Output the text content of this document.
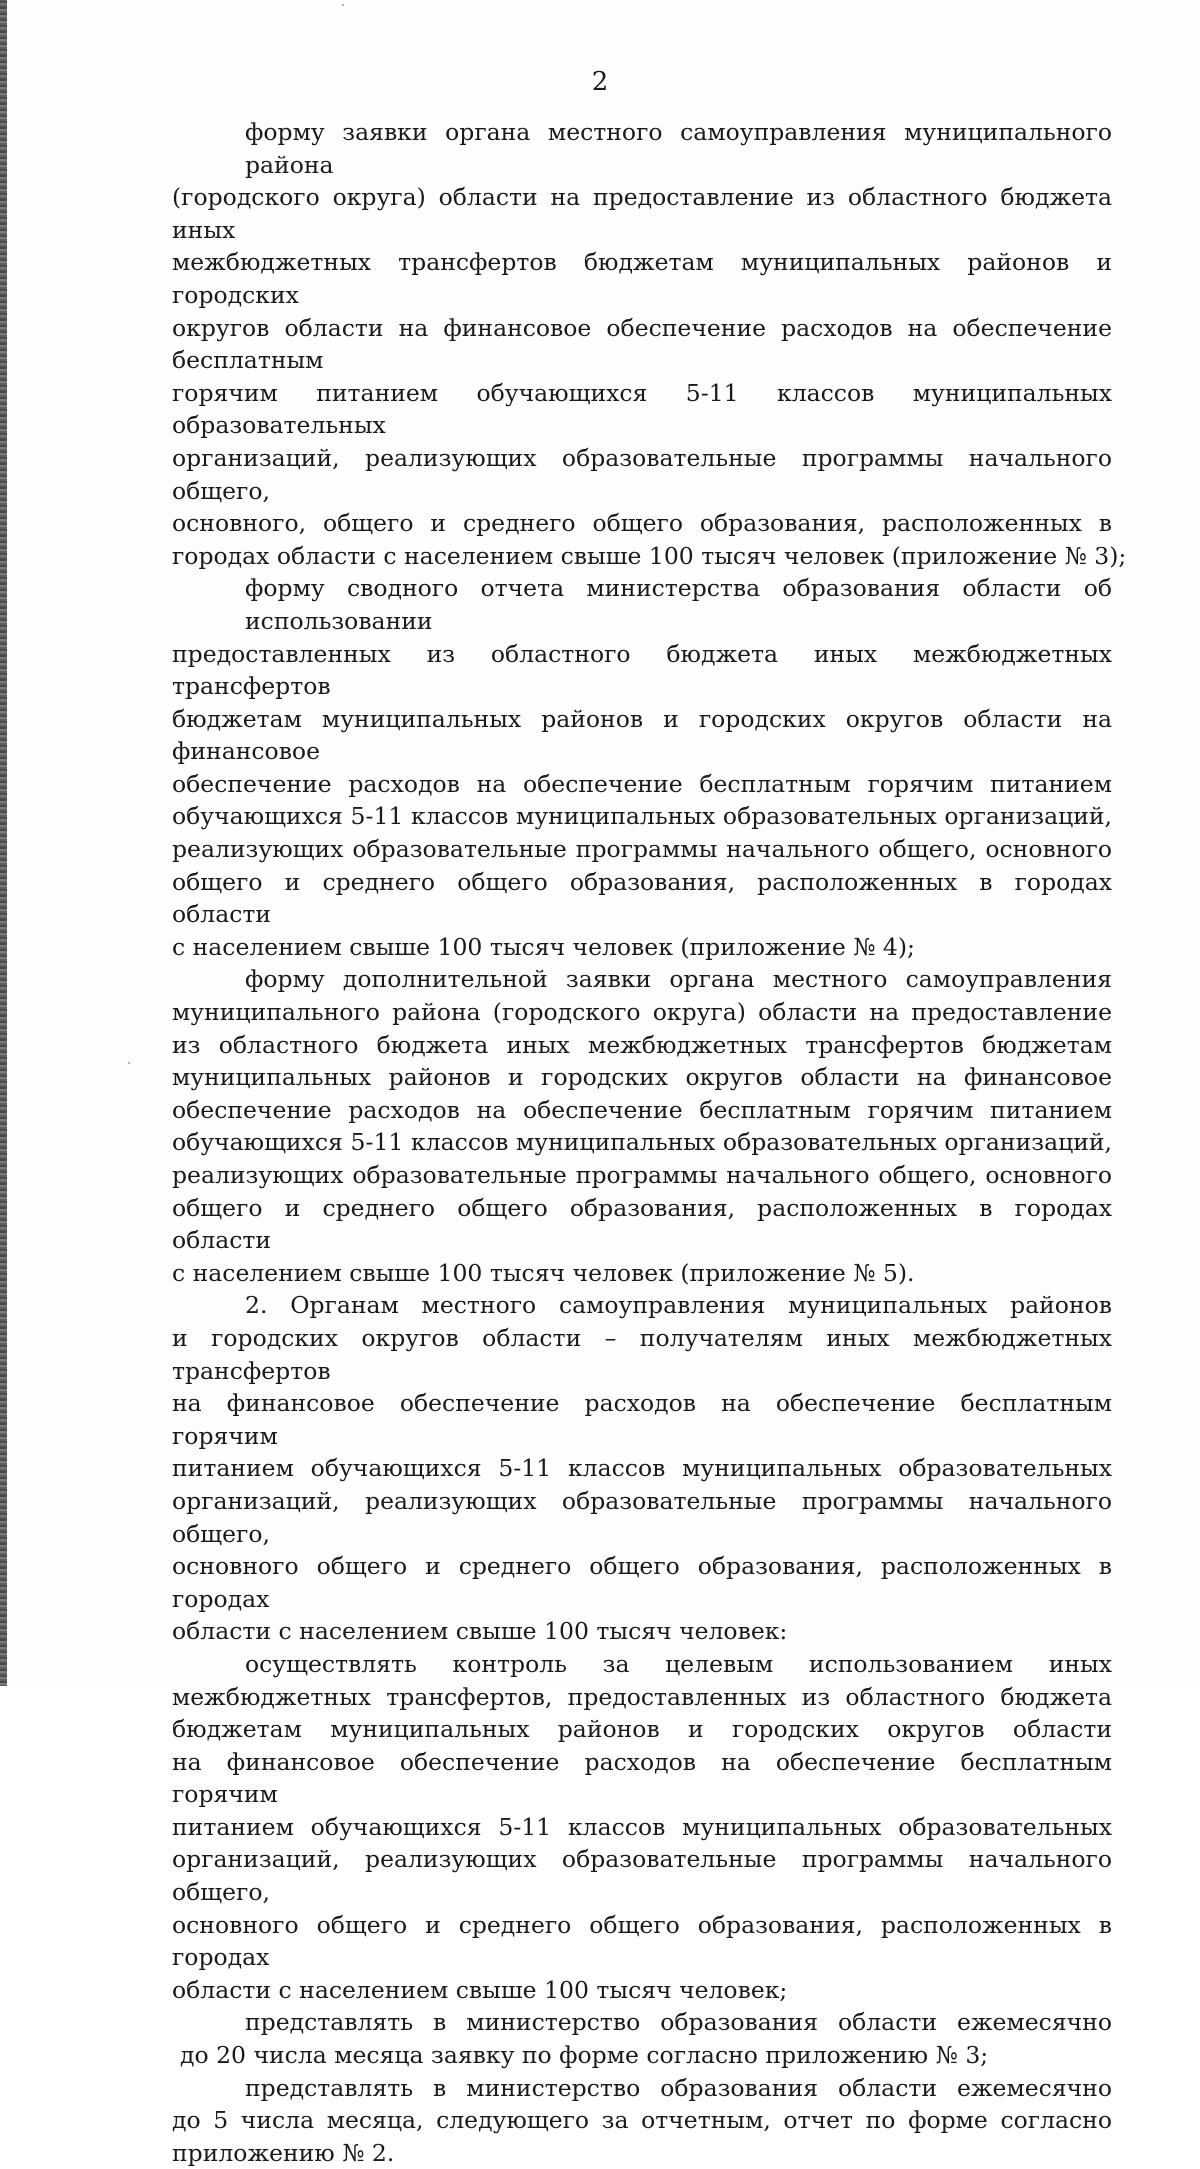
2
форму заявки органа местного самоуправления муниципального района
(городского округа) области на предоставление из областного бюджета иных
межбюджетных трансфертов бюджетам муниципальных районов и городских
округов области на финансовое обеспечение расходов на обеспечение бесплатным
горячим питанием обучающихся 5-11 классов муниципальных образовательных
организаций, реализующих образовательные программы начального общего,
основного, общего и среднего общего образования, расположенных в
городах области с населением свыше 100 тысяч человек (приложение № 3);
форму сводного отчета министерства образования области об использовании
предоставленных из областного бюджета иных межбюджетных трансфертов
бюджетам муниципальных районов и городских округов области на финансовое
обеспечение расходов на обеспечение бесплатным горячим питанием
обучающихся 5-11 классов муниципальных образовательных организаций,
реализующих образовательные программы начального общего, основного
общего и среднего общего образования, расположенных в городах области
с населением свыше 100 тысяч человек (приложение № 4);
форму дополнительной заявки органа местного самоуправления
муниципального района (городского округа) области на предоставление
из областного бюджета иных межбюджетных трансфертов бюджетам
муниципальных районов и городских округов области на финансовое
обеспечение расходов на обеспечение бесплатным горячим питанием
обучающихся 5-11 классов муниципальных образовательных организаций,
реализующих образовательные программы начального общего, основного
общего и среднего общего образования, расположенных в городах области
с населением свыше 100 тысяч человек (приложение № 5).
2. Органам местного самоуправления муниципальных районов
и городских округов области – получателям иных межбюджетных трансфертов
на финансовое обеспечение расходов на обеспечение бесплатным горячим
питанием обучающихся 5-11 классов муниципальных образовательных
организаций, реализующих образовательные программы начального общего,
основного общего и среднего общего образования, расположенных в городах
области с населением свыше 100 тысяч человек:
осуществлять контроль за целевым использованием иных
межбюджетных трансфертов, предоставленных из областного бюджета
бюджетам муниципальных районов и городских округов области
на финансовое обеспечение расходов на обеспечение бесплатным горячим
питанием обучающихся 5-11 классов муниципальных образовательных
организаций, реализующих образовательные программы начального общего,
основного общего и среднего общего образования, расположенных в городах
области с населением свыше 100 тысяч человек;
представлять в министерство образования области ежемесячно
до 20 числа месяца заявку по форме согласно приложению № 3;
представлять в министерство образования области ежемесячно
до 5 числа месяца, следующего за отчетным, отчет по форме согласно
приложению № 2.
